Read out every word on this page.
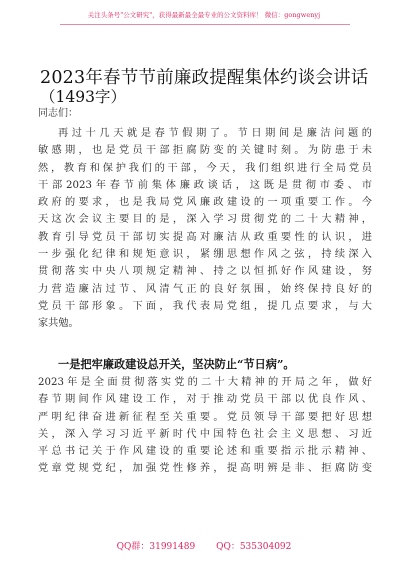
关注头条号"公文研究"，获得最新最全最专业的公文资料库！ 微信：gongwenyj
2023年春节节前廉政提醒集体约谈会讲话
（1493字）
同志们：
再过十几天就是春节假期了。节日期间是廉洁问题的
敏感期，也是党员干部拒腐防变的关键时刻。为防患于未
然，教育和保护我们的干部，今天，我们组织进行全局党员
干部2023年春节前集体廉政谈话，这既是贯彻市委、市
政府的要求，也是我局党风廉政建设的一项重要工作。今
天这次会议主要目的是，深入学习贯彻党的二十大精神，
教育引导党员干部切实提高对廉洁从政重要性的认识，进
一步强化纪律和规矩意识，紧绷思想作风之弦，持续深入
贯彻落实中央八项规定精神、持之以恒抓好作风建设，努
力营造廉洁过节、风清气正的良好氛围，始终保持良好的
党员干部形象。下面，我代表局党组，提几点要求，与大
家共勉。
一是把牢廉政建设总开关，坚决防止“节日病”。
2023年是全面贯彻落实党的二十大精神的开局之年，做好
春节期间作风建设工作，对于推动党员干部以优良作风、
严明纪律奋进新征程至关重要。党员领导干部要把好思想
关，深入学习习近平新时代中国特色社会主义思想、习近
平总书记关于作风建设的重要论述和重要指示批示精神、
党章党规党纪，加强党性修养，提高明辨是非、拒腐防变
QQ群：31991489 QQ：535304092
